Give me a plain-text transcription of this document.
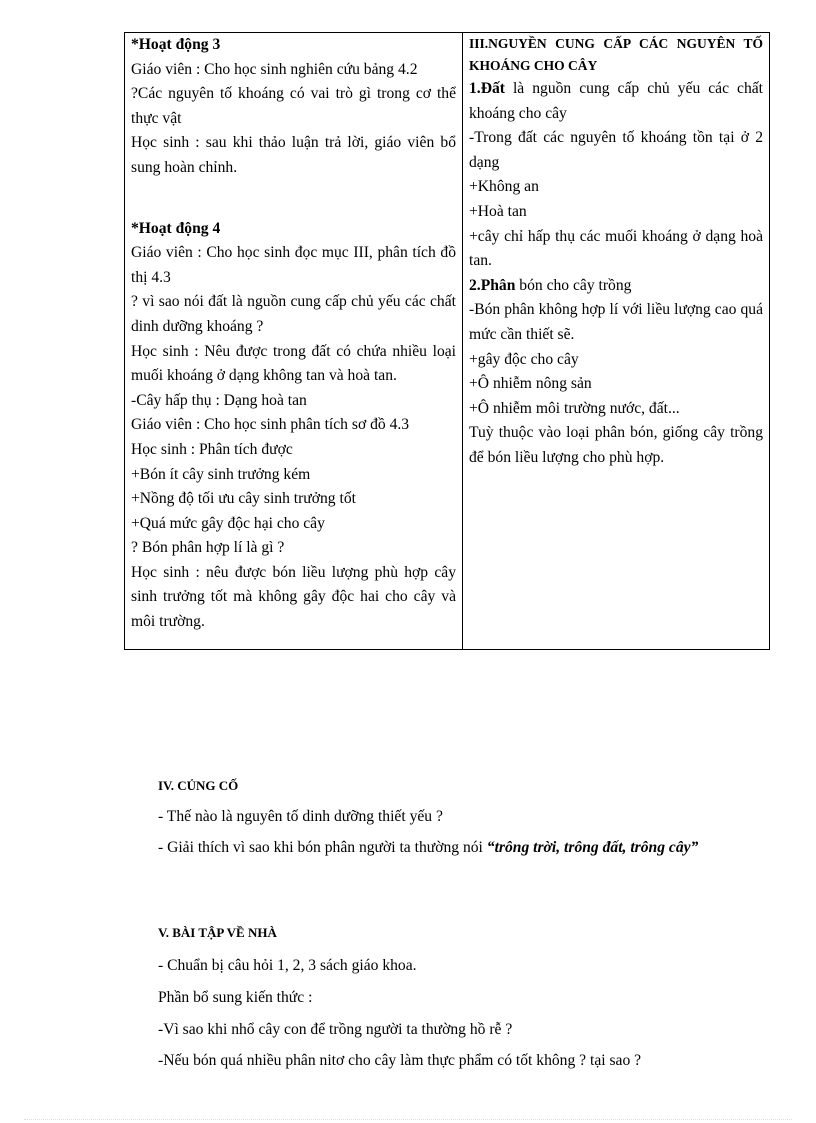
*Hoạt động 3
Giáo viên : Cho học sinh nghiên cứu bảng 4.2
?Các nguyên tố khoáng có vai trò gì trong cơ thể thực vật
Học sinh : sau khi thảo luận trả lời, giáo viên bổ sung hoàn chỉnh.
*Hoạt động 4
Giáo viên : Cho học sinh đọc mục III, phân tích đồ thị 4.3
? vì sao nói đất là nguồn cung cấp chủ yếu các chất dinh dưỡng khoáng ?
Học sinh : Nêu được trong đất có chứa nhiều loại muối khoáng ở dạng không tan và hoà tan.
-Cây hấp thụ : Dạng hoà tan
Giáo viên : Cho học sinh phân tích sơ đồ 4.3
Học sinh : Phân tích được
+Bón ít cây sinh trưởng kém
+Nồng độ tối ưu cây sinh trưởng tốt
+Quá mức gây độc hại cho cây
? Bón phân hợp lí là gì ?
Học sinh : nêu được bón liều lượng phù hợp cây sinh trưởng tốt mà không gây độc hai cho cây và môi trường.

III.NGUYỀN CUNG CẤP CÁC NGUYÊN TỐ KHOÁNG CHO CÂY
1.Đất là nguồn cung cấp chủ yếu các chất khoáng cho cây
-Trong đất các nguyên tố khoáng tồn tại ở 2 dạng
+Không an
+Hoà tan
+cây chỉ hấp thụ các muối khoáng ở dạng hoà tan.
2.Phân bón cho cây trồng
-Bón phân không hợp lí với liều lượng cao quá mức cần thiết sẽ.
+gây độc cho cây
+Ô nhiễm nông sản
+Ô nhiễm môi trường nước, đất...
Tuỳ thuộc vào loại phân bón, giống cây trồng để bón liều lượng cho phù hợp.
IV. CỦNG CỐ
- Thế nào là nguyên tố dinh dưỡng thiết yếu ?
- Giải thích vì sao khi bón phân người ta thường nói “trông trời, trông đất, trông cây”
V. BÀI TẬP VỀ NHÀ
- Chuẩn bị câu hỏi 1, 2, 3 sách giáo khoa.
Phần bổ sung kiến thức :
-Vì sao khi nhổ cây con để trồng người ta thường hồ rễ ?
-Nếu bón quá nhiều phân nitơ cho cây làm thực phẩm có tốt không ? tại sao ?
